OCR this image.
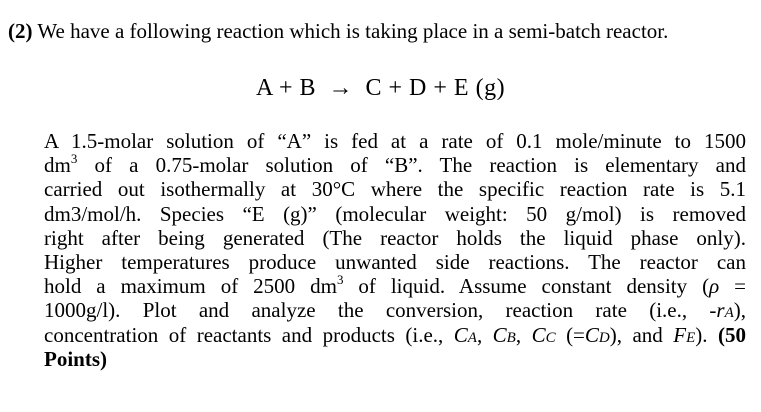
(2) We have a following reaction which is taking place in a semi-batch reactor.
A + B → C + D + E (g)
A 1.5-molar solution of “A” is fed at a rate of 0.1 mole/minute to 1500
$dm^3$ of a 0.75-molar solution of “B”. The reaction is elementary and
carried out isothermally at 30°C where the specific reaction rate is 5.1
dm3/mol/h. Species “E (g)” (molecular weight: 50 g/mol) is removed
right after being generated (The reactor holds the liquid phase only).
Higher temperatures produce unwanted side reactions. The reactor can
hold a maximum of 2500 $dm^3$ of liquid. Assume constant density (ρ =
1000g/l). Plot and analyze the conversion, reaction rate (i.e., -rA),
concentration of reactants and products (i.e., CA, CB, CC (=CD), and FE). (50
Points)
